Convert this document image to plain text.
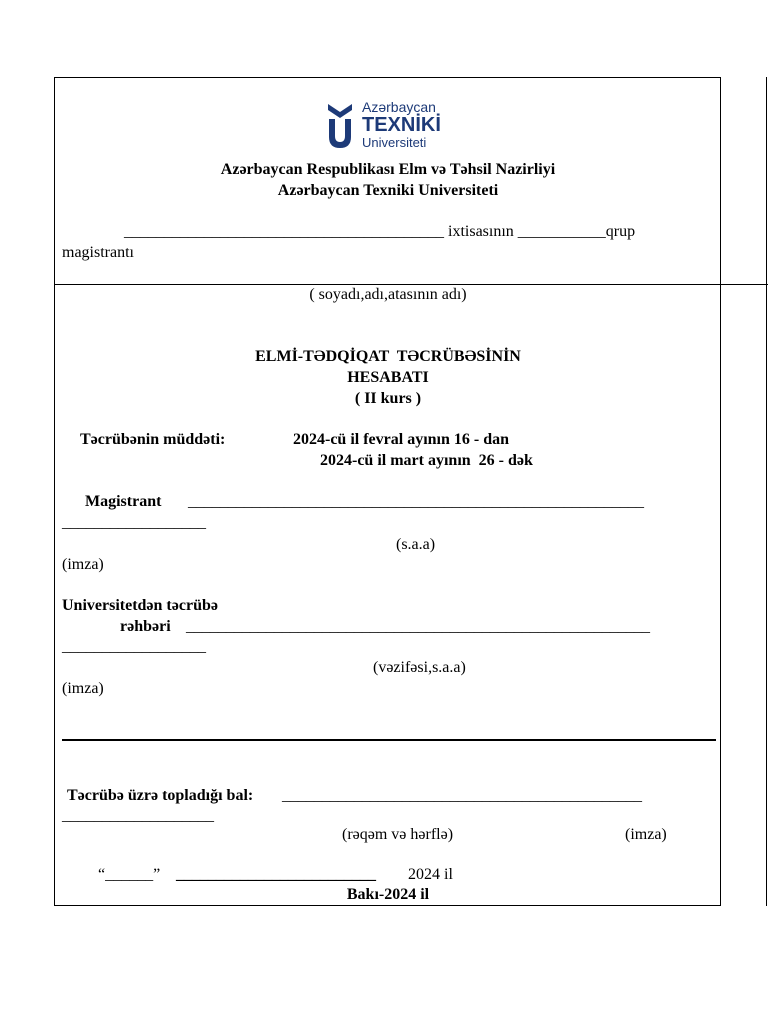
Azərbaycan
TEXNİKİ
Universiteti
Azərbaycan Respublikası Elm və Təhsil Nazirliyi
Azərbaycan Texniki Universiteti
________________________________________ ixtisasının ___________qrup
magistrantı
( soyadı,adı,atasının adı)
ELMİ-TƏDQİQAT  TƏCRÜBƏSİNİN
HESABATI
( II kurs )
Təcrübənin müddəti:	2024-cü il fevral ayının 16 - dan
2024-cü il mart ayının  26 - dək
Magistrant _________________________________________________________
__________________
(s.a.a)
(imza)
Universitetdən təcrübə
rəhbəri __________________________________________________________
__________________
(vəzifəsi,s.a.a)
(imza)
Təcrübə üzrə topladığı bal: _____________________________________________
___________________
(rəqəm və hərflə)	(imza)
“______” _________________________ 2024 il
Bakı-2024 il
